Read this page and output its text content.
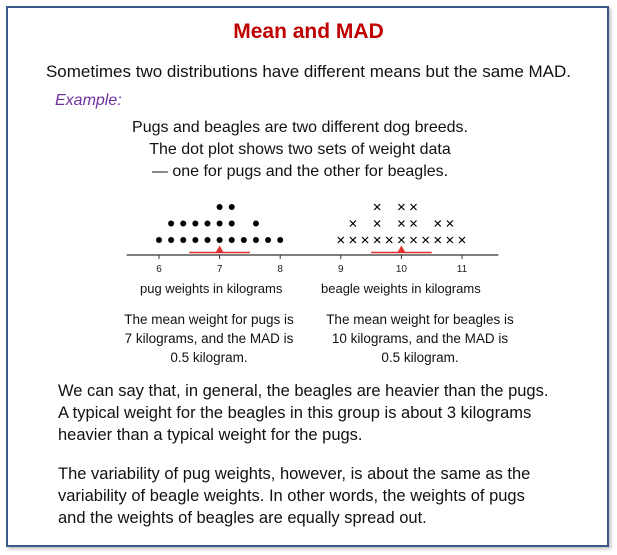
Mean and MAD
Sometimes two distributions have different means but the same MAD.
Example:
Pugs and beagles are two different dog breeds.
The dot plot shows two sets of weight data
— one for pugs and the other for beagles.
6	7	8	9	10	11
pug weights in kilograms	beagle weights in kilograms
The mean weight for pugs is
7 kilograms, and the MAD is
0.5 kilogram.
The mean weight for beagles is
10 kilograms, and the MAD is
0.5 kilogram.
We can say that, in general, the beagles are heavier than the pugs.
A typical weight for the beagles in this group is about 3 kilograms
heavier than a typical weight for the pugs.
The variability of pug weights, however, is about the same as the
variability of beagle weights. In other words, the weights of pugs
and the weights of beagles are equally spread out.
